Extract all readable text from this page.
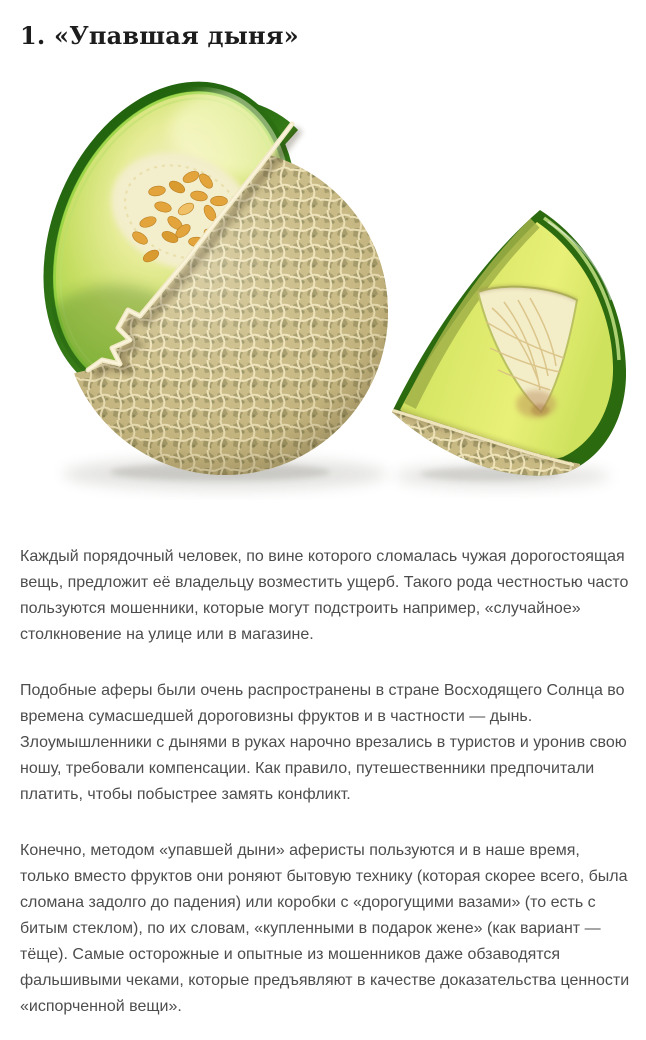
1. «Упавшая дыня»

Каждый порядочный человек, по вине которого сломалась чужая дорогостоящая вещь, предложит её владельцу возместить ущерб. Такого рода честностью часто пользуются мошенники, которые могут подстроить например, «случайное» столкновение на улице или в магазине.

Подобные аферы были очень распространены в стране Восходящего Солнца во времена сумасшедшей дороговизны фруктов и в частности — дынь. Злоумышленники с дынями в руках нарочно врезались в туристов и уронив свою ношу, требовали компенсации. Как правило, путешественники предпочитали платить, чтобы побыстрее замять конфликт.

Конечно, методом «упавшей дыни» аферисты пользуются и в наше время, только вместо фруктов они роняют бытовую технику (которая скорее всего, была сломана задолго до падения) или коробки с «дорогущими вазами» (то есть с битым стеклом), по их словам, «купленными в подарок жене» (как вариант — тёще). Самые осторожные и опытные из мошенников даже обзаводятся фальшивыми чеками, которые предъявляют в качестве доказательства ценности «испорченной вещи».
